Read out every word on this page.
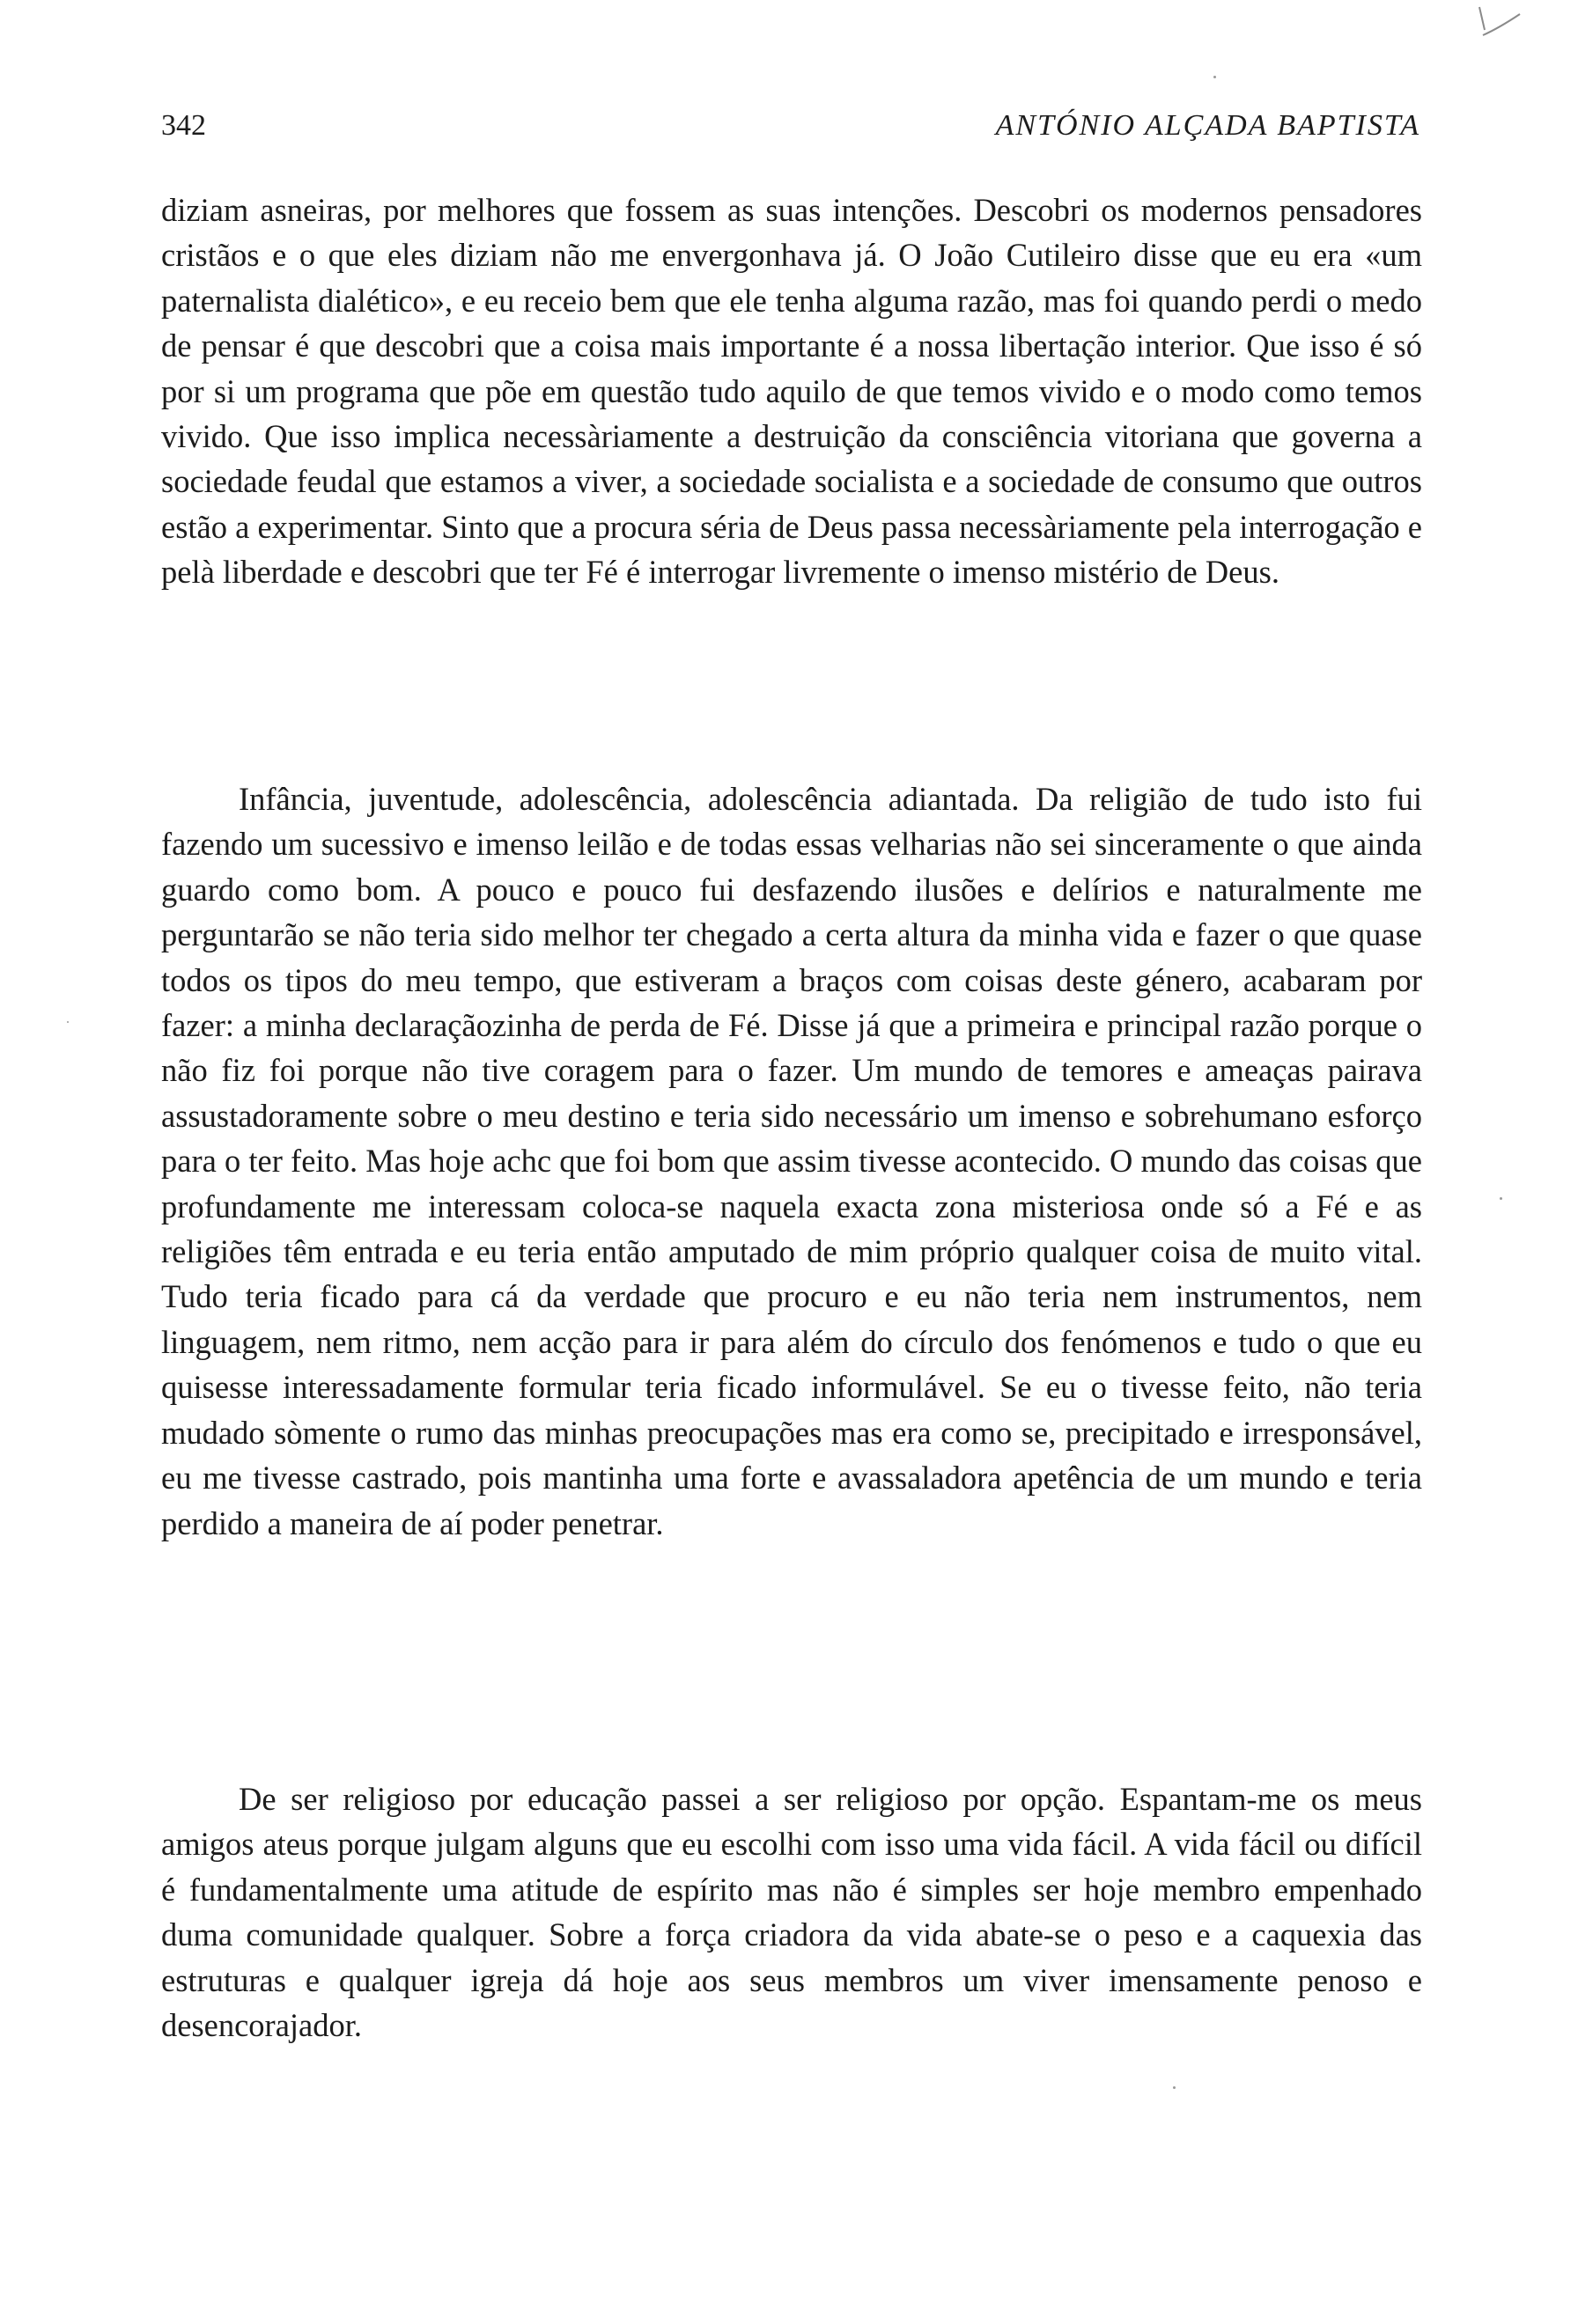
342	ANTÓNIO ALÇADA BAPTISTA

diziam asneiras, por melhores que fossem as suas intenções. Descobri os modernos pensadores cristãos e o que eles diziam não me envergonhava já. O João Cutileiro disse que eu era «um paternalista dialético», e eu receio bem que ele tenha alguma razão, mas foi quando perdi o medo de pensar é que descobri que a coisa mais importante é a nossa libertação interior. Que isso é só por si um programa que põe em questão tudo aquilo de que temos vivido e o modo como temos vivido. Que isso implica necessàriamente a destruição da consciência vitoriana que governa a sociedade feudal que estamos a viver, a sociedade socialista e a sociedade de consumo que outros estão a experimentar. Sinto que a procura séria de Deus passa necessàriamente pela interrogação e pelà liberdade e descobri que ter Fé é interrogar livremente o imenso mistério de Deus.

Infância, juventude, adolescência, adolescência adiantada. Da religião de tudo isto fui fazendo um sucessivo e imenso leilão e de todas essas velharias não sei sinceramente o que ainda guardo como bom. A pouco e pouco fui desfazendo ilusões e delírios e naturalmente me perguntarão se não teria sido melhor ter chegado a certa altura da minha vida e fazer o que quase todos os tipos do meu tempo, que estiveram a braços com coisas deste género, acabaram por fazer: a minha declaraçãozinha de perda de Fé. Disse já que a primeira e principal razão porque o não fiz foi porque não tive coragem para o fazer. Um mundo de temores e ameaças pairava assustadoramente sobre o meu destino e teria sido necessário um imenso e sobrehumano esforço para o ter feito. Mas hoje achc que foi bom que assim tivesse acontecido. O mundo das coisas que profundamente me interessam coloca-se naquela exacta zona misteriosa onde só a Fé e as religiões têm entrada e eu teria então amputado de mim próprio qualquer coisa de muito vital. Tudo teria ficado para cá da verdade que procuro e eu não teria nem instrumentos, nem linguagem, nem ritmo, nem acção para ir para além do círculo dos fenómenos e tudo o que eu quisesse interessadamente formular teria ficado informulável. Se eu o tivesse feito, não teria mudado sòmente o rumo das minhas preocupações mas era como se, precipitado e irresponsável, eu me tivesse castrado, pois mantinha uma forte e avassaladora apetência de um mundo e teria perdido a maneira de aí poder penetrar.

De ser religioso por educação passei a ser religioso por opção. Espantam-me os meus amigos ateus porque julgam alguns que eu escolhi com isso uma vida fácil. A vida fácil ou difícil é fundamentalmente uma atitude de espírito mas não é simples ser hoje membro empenhado duma comunidade qualquer. Sobre a força criadora da vida abate-se o peso e a caquexia das estruturas e qualquer igreja dá hoje aos seus membros um viver imensamente penoso e desencorajador.
